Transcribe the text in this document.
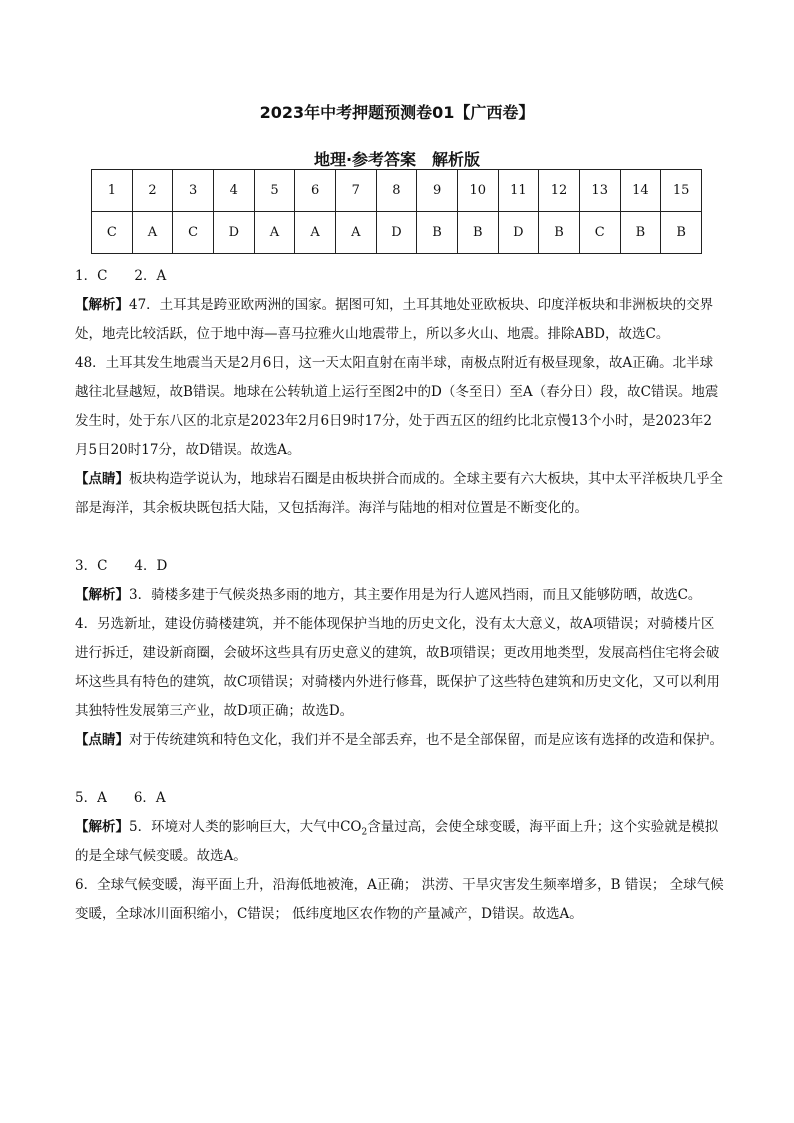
2023年中考押题预测卷01【广西卷】
地理·参考答案　解析版
1	2	3	4	5	6	7	8	9	10	11	12	13	14	15
C	A	C	D	A	A	A	D	B	B	D	B	C	B	B

1．C　　2．A

【解析】47．土耳其是跨亚欧两洲的国家。据图可知，土耳其地处亚欧板块、印度洋板块和非洲板块的交界处，地壳比较活跃，位于地中海—喜马拉雅火山地震带上，所以多火山、地震。排除ABD，故选C。

48．土耳其发生地震当天是2月6日，这一天太阳直射在南半球，南极点附近有极昼现象，故A正确。北半球越往北昼越短，故B错误。地球在公转轨道上运行至图2中的D（冬至日）至A（春分日）段，故C错误。地震发生时，处于东八区的北京是2023年2月6日9时17分，处于西五区的纽约比北京慢13个小时，是2023年2月5日20时17分，故D错误。故选A。

【点睛】板块构造学说认为，地球岩石圈是由板块拼合而成的。全球主要有六大板块，其中太平洋板块几乎全部是海洋，其余板块既包括大陆，又包括海洋。海洋与陆地的相对位置是不断变化的。

3．C　　4．D

【解析】3．骑楼多建于气候炎热多雨的地方，其主要作用是为行人遮风挡雨，而且又能够防晒，故选C。

4．另选新址，建设仿骑楼建筑，并不能体现保护当地的历史文化，没有太大意义，故A项错误；对骑楼片区进行拆迁，建设新商圈，会破坏这些具有历史意义的建筑，故B项错误；更改用地类型，发展高档住宅将会破坏这些具有特色的建筑，故C项错误；对骑楼内外进行修葺，既保护了这些特色建筑和历史文化，又可以利用其独特性发展第三产业，故D项正确；故选D。

【点睛】对于传统建筑和特色文化，我们并不是全部丢弃，也不是全部保留，而是应该有选择的改造和保护。

5．A　　6．A

【解析】5．环境对人类的影响巨大，大气中$CO_2$含量过高，会使全球变暖，海平面上升；这个实验就是模拟的是全球气候变暖。故选A。

6．全球气候变暖，海平面上升，沿海低地被淹，A正确； 洪涝、干旱灾害发生频率增多，B 错误； 全球气候变暖，全球冰川面积缩小，C错误； 低纬度地区农作物的产量减产，D错误。故选A。
